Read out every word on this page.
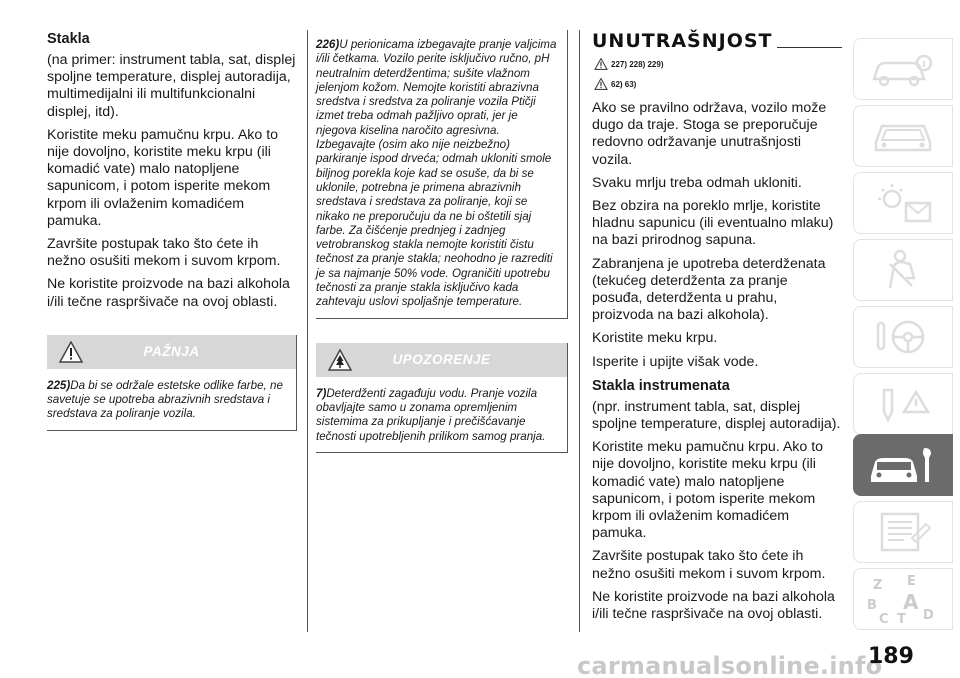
Stakla

(na primer: instrument tabla, sat, displej spoljne temperature, displej autoradija, multimedijalni ili multifunkcionalni displej, itd).

Koristite meku pamučnu krpu. Ako to nije dovoljno, koristite meku krpu (ili komadić vate) malo natopljene sapunicom, i potom isperite mekom krpom ili ovlaženim komadićem pamuka.

Završite postupak tako što ćete ih nežno osušiti mekom i suvom krpom.

Ne koristite proizvode na bazi alkohola i/ili tečne raspršivače na ovoj oblasti.

PAŽNJA
225)Da bi se održale estetske odlike farbe, ne savetuje se upotreba abrazivnih sredstava i sredstava za poliranje vozila.
226)U perionicama izbegavajte pranje valjcima i/ili četkama. Vozilo perite isključivo ručno, pH neutralnim deterdžentima; sušite vlažnom jelenjom kožom. Nemojte koristiti abrazivna sredstva i sredstva za poliranje vozila Ptičji izmet treba odmah pažljivo oprati, jer je njegova kiselina naročito agresivna. Izbegavajte (osim ako nije neizbežno) parkiranje ispod drveća; odmah ukloniti smole biljnog porekla koje kad se osuše, da bi se uklonile, potrebna je primena abrazivnih sredstava i sredstava za poliranje, koji se nikako ne preporučuju da ne bi oštetili sjaj farbe. Za čišćenje prednjeg i zadnjeg vetrobranskog stakla nemojte koristiti čistu tečnost za pranje stakla; neohodno je razrediti je sa najmanje 50% vode. Ograničiti upotrebu tečnosti za pranje stakla isključivo kada zahtevaju uslovi spoljašnje temperature.
UPOZORENJE
7)Deterdženti zagađuju vodu. Pranje vozila obavljajte samo u zonama opremljenim sistemima za prikupljanje i prečišćavanje tečnosti upotrebljenih prilikom samog pranja.
UNUTRAŠNJOST
227) 228) 229)
62) 63)

Ako se pravilno održava, vozilo može dugo da traje. Stoga se preporučuje redovno održavanje unutrašnjosti vozila.

Svaku mrlju treba odmah ukloniti.

Bez obzira na poreklo mrlje, koristite hladnu sapunicu (ili eventualno mlaku) na bazi prirodnog sapuna.

Zabranjena je upotreba deterdženata (tekućeg deterdženta za pranje posuđa, deterdženta u prahu, proizvoda na bazi alkohola).

Koristite meku krpu.

Isperite i upijte višak vode.

Stakla instrumenata

(npr. instrument tabla, sat, displej spoljne temperature, displej autoradija).

Koristite meku pamučnu krpu. Ako to nije dovoljno, koristite meku krpu (ili komadić vate) malo natopljene sapunicom, i potom isperite mekom krpom ili ovlaženim komadićem pamuka.

Završite postupak tako što ćete ih nežno osušiti mekom i suvom krpom.

Ne koristite proizvode na bazi alkohola i/ili tečne raspršivače na ovoj oblasti.

Z E
B A
C T D
carmanualsonline.info
189
